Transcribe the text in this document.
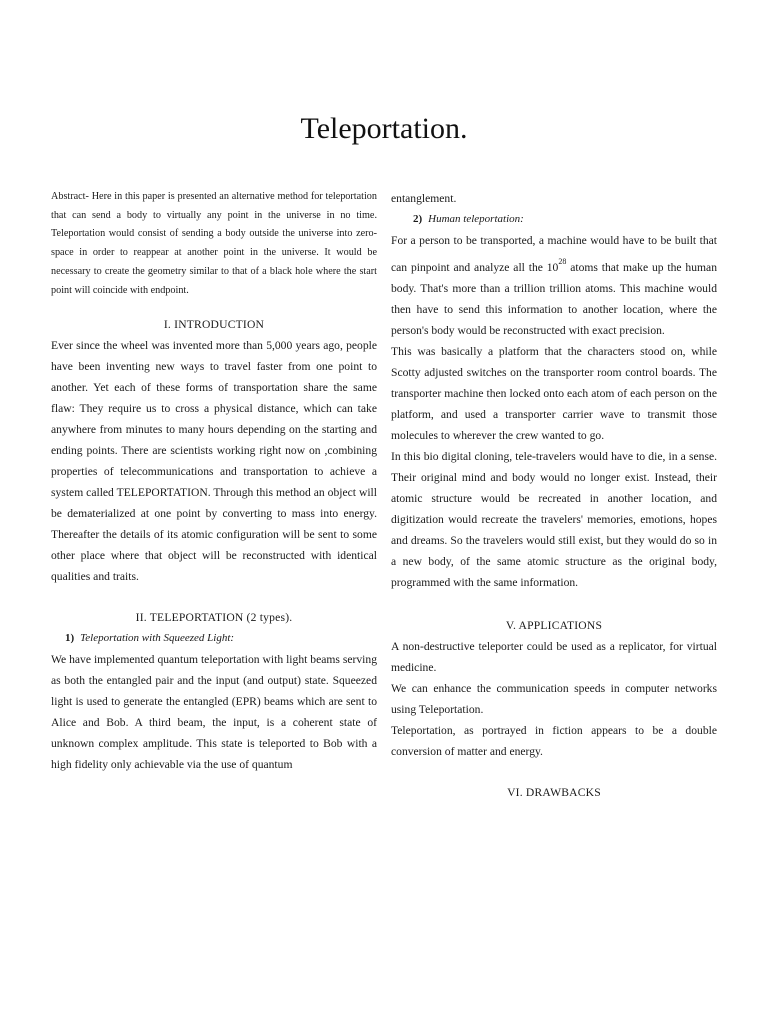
Teleportation.

Abstract- Here in this paper is presented an alternative method for teleportation that can send a body to virtually any point in the universe in no time. Teleportation would consist of sending a body outside the universe into zero-space in order to reappear at another point in the universe. It would be necessary to create the geometry similar to that of a black hole where the start point will coincide with endpoint.

I. INTRODUCTION

Ever since the wheel was invented more than 5,000 years ago, people have been inventing new ways to travel faster from one point to another. Yet each of these forms of transportation share the same flaw: They require us to cross a physical distance, which can take anywhere from minutes to many hours depending on the starting and ending points. There are scientists working right now on ,combining properties of telecommunications and transportation to achieve a system called TELEPORTATION. Through this method an object will be dematerialized at one point by converting to mass into energy. Thereafter the details of its atomic configuration will be sent to some other place where that object will be reconstructed with identical qualities and traits.

II. TELEPORTATION (2 types).

1) Teleportation with Squeezed Light:

We have implemented quantum teleportation with light beams serving as both the entangled pair and the input (and output) state. Squeezed light is used to generate the entangled (EPR) beams which are sent to Alice and Bob. A third beam, the input, is a coherent state of unknown complex amplitude. This state is teleported to Bob with a high fidelity only achievable via the use of quantum

entanglement.

2) Human teleportation:

For a person to be transported, a machine would have to be built that can pinpoint and analyze all the $10^{28}$ atoms that make up the human body. That's more than a trillion trillion atoms. This machine would then have to send this information to another location, where the person's body would be reconstructed with exact precision.

This was basically a platform that the characters stood on, while Scotty adjusted switches on the transporter room control boards. The transporter machine then locked onto each atom of each person on the platform, and used a transporter carrier wave to transmit those molecules to wherever the crew wanted to go.

In this bio digital cloning, tele-travelers would have to die, in a sense. Their original mind and body would no longer exist. Instead, their atomic structure would be recreated in another location, and digitization would recreate the travelers' memories, emotions, hopes and dreams. So the travelers would still exist, but they would do so in a new body, of the same atomic structure as the original body, programmed with the same information.

V. APPLICATIONS

A non-destructive teleporter could be used as a replicator, for virtual medicine.

We can enhance the communication speeds in computer networks using Teleportation.

Teleportation, as portrayed in fiction appears to be a double conversion of matter and energy.

VI. DRAWBACKS
